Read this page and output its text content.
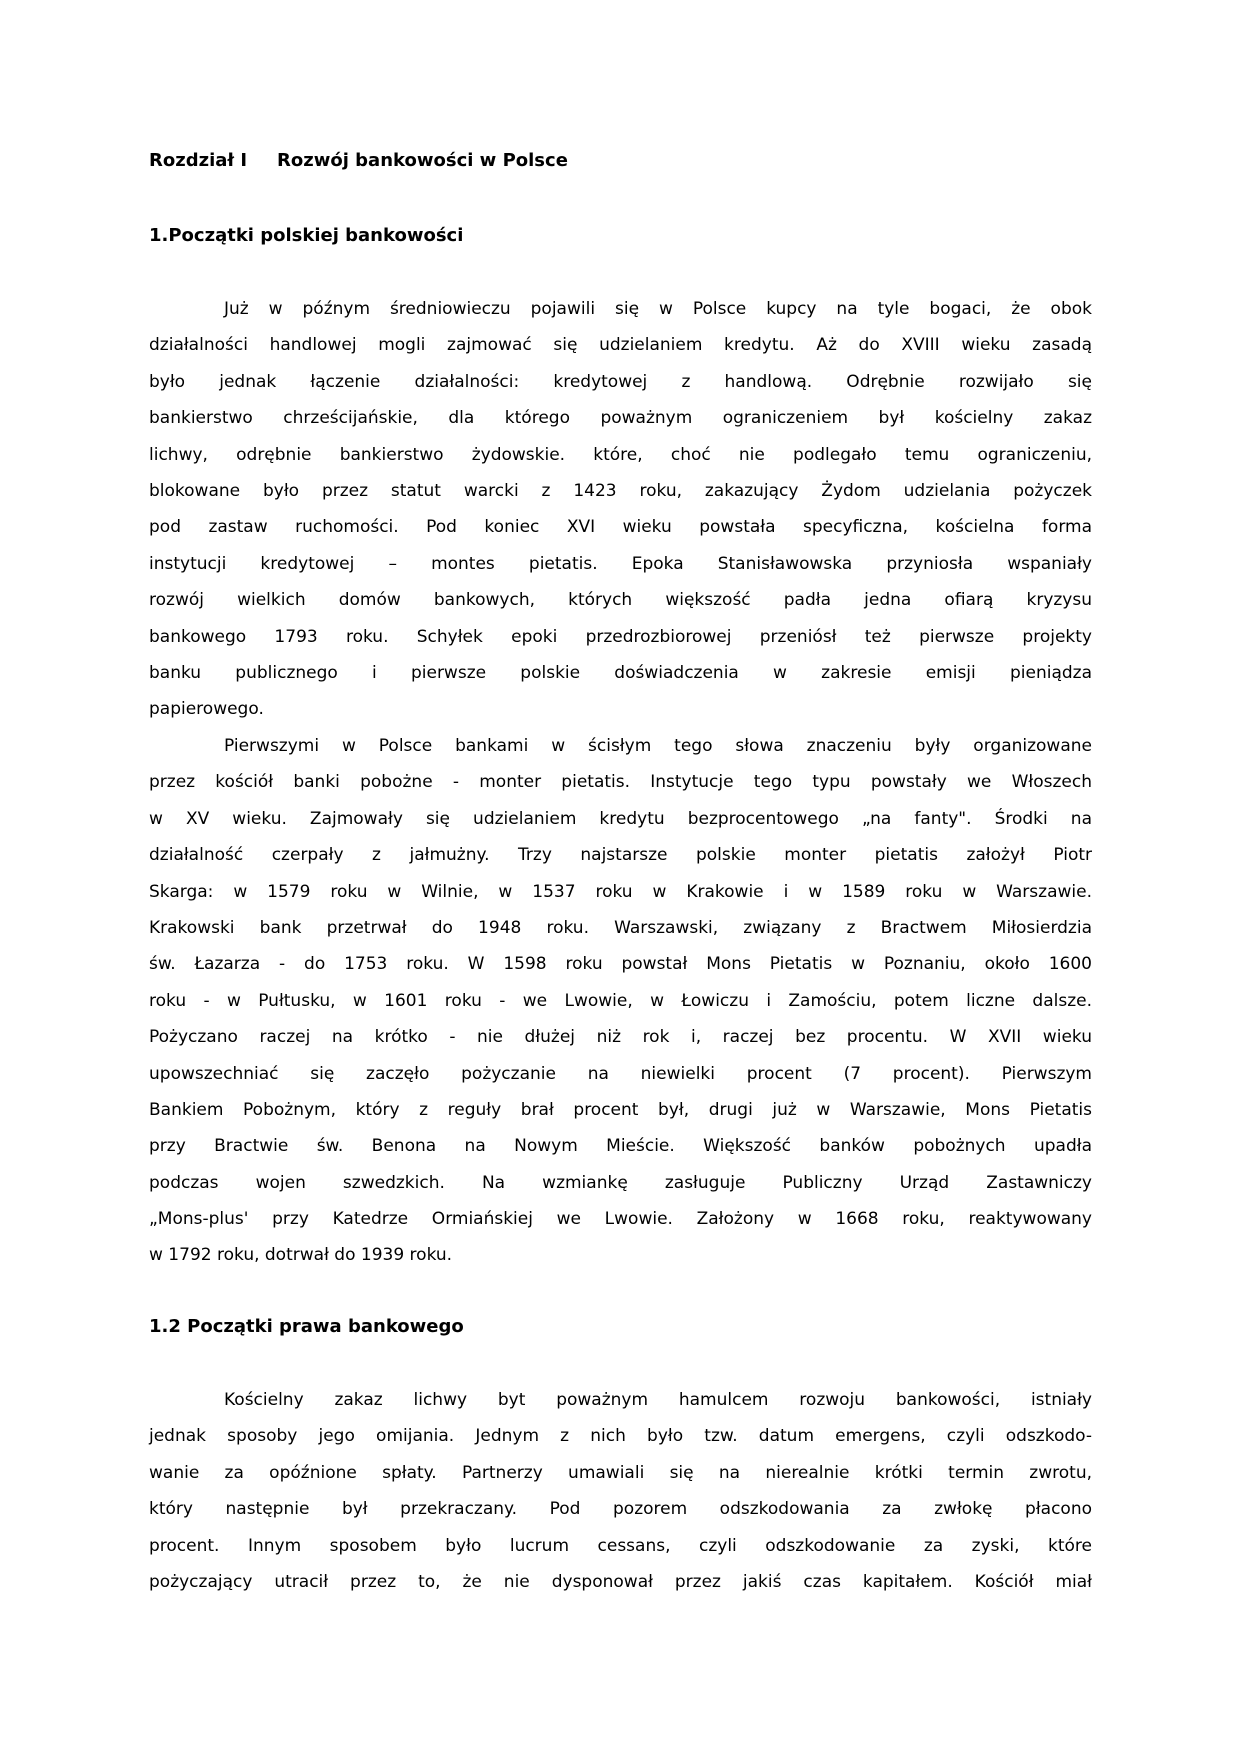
Rozdział I Rozwój bankowości w Polsce
1.Początki polskiej bankowości
Już w późnym średniowieczu pojawili się w Polsce kupcy na tyle bogaci, że obok
działalności handlowej mogli zajmować się udzielaniem kredytu. Aż do XVIII wieku zasadą
było jednak łączenie działalności: kredytowej z handlową. Odrębnie rozwijało się
bankierstwo chrześcijańskie, dla którego poważnym ograniczeniem był kościelny zakaz
lichwy, odrębnie bankierstwo żydowskie. które, choć nie podlegało temu ograniczeniu,
blokowane było przez statut warcki z 1423 roku, zakazujący Żydom udzielania pożyczek
pod zastaw ruchomości. Pod koniec XVI wieku powstała specyficzna, kościelna forma
instytucji kredytowej – montes pietatis. Epoka Stanisławowska przyniosła wspaniały
rozwój wielkich domów bankowych, których większość padła jedna ofiarą kryzysu
bankowego 1793 roku. Schyłek epoki przedrozbiorowej przeniósł też pierwsze projekty
banku publicznego i pierwsze polskie doświadczenia w zakresie emisji pieniądza
papierowego.
Pierwszymi w Polsce bankami w ścisłym tego słowa znaczeniu były organizowane
przez kościół banki pobożne - monter pietatis. Instytucje tego typu powstały we Włoszech
w XV wieku. Zajmowały się udzielaniem kredytu bezprocentowego „na fanty". Środki na
działalność czerpały z jałmużny. Trzy najstarsze polskie monter pietatis założył Piotr
Skarga: w 1579 roku w Wilnie, w 1537 roku w Krakowie i w 1589 roku w Warszawie.
Krakowski bank przetrwał do 1948 roku. Warszawski, związany z Bractwem Miłosierdzia
św. Łazarza - do 1753 roku. W 1598 roku powstał Mons Pietatis w Poznaniu, około 1600
roku - w Pułtusku, w 1601 roku - we Lwowie, w Łowiczu i Zamościu, potem liczne dalsze.
Pożyczano raczej na krótko - nie dłużej niż rok i, raczej bez procentu. W XVII wieku
upowszechniać się zaczęło pożyczanie na niewielki procent (7 procent). Pierwszym
Bankiem Pobożnym, który z reguły brał procent był, drugi już w Warszawie, Mons Pietatis
przy Bractwie św. Benona na Nowym Mieście. Większość banków pobożnych upadła
podczas wojen szwedzkich. Na wzmiankę zasługuje Publiczny Urząd Zastawniczy
„Mons-plus' przy Katedrze Ormiańskiej we Lwowie. Założony w 1668 roku, reaktywowany
w 1792 roku, dotrwał do 1939 roku.
1.2 Początki prawa bankowego
Kościelny zakaz lichwy byt poważnym hamulcem rozwoju bankowości, istniały
jednak sposoby jego omijania. Jednym z nich było tzw. datum emergens, czyli odszkodo-
wanie za opóźnione spłaty. Partnerzy umawiali się na nierealnie krótki termin zwrotu,
który następnie był przekraczany. Pod pozorem odszkodowania za zwłokę płacono
procent. Innym sposobem było lucrum cessans, czyli odszkodowanie za zyski, które
pożyczający utracił przez to, że nie dysponował przez jakiś czas kapitałem. Kościół miał
